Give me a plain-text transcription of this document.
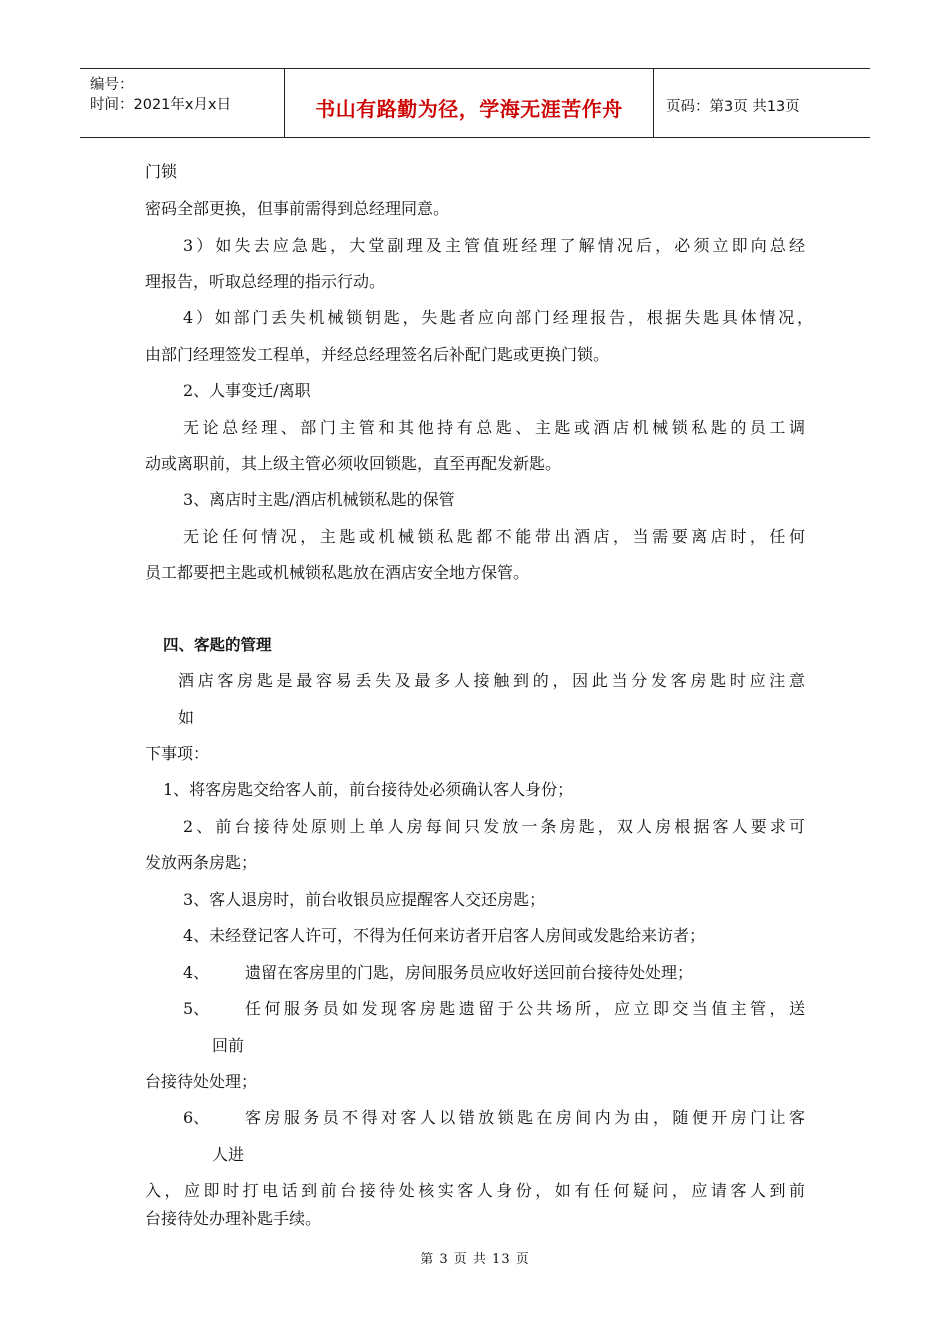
编号：
时间：2021年x月x日	书山有路勤为径，学海无涯苦作舟	页码：第3页 共13页
门锁
密码全部更换，但事前需得到总经理同意。
3）如失去应急匙，大堂副理及主管值班经理了解情况后，必须立即向总经
理报告，听取总经理的指示行动。
4）如部门丢失机械锁钥匙，失匙者应向部门经理报告，根据失匙具体情况，
由部门经理签发工程单，并经总经理签名后补配门匙或更换门锁。
2、人事变迁/离职
无论总经理、部门主管和其他持有总匙、主匙或酒店机械锁私匙的员工调
动或离职前，其上级主管必须收回锁匙，直至再配发新匙。
3、离店时主匙/酒店机械锁私匙的保管
无论任何情况，主匙或机械锁私匙都不能带出酒店，当需要离店时，任何
员工都要把主匙或机械锁私匙放在酒店安全地方保管。
四、客匙的管理
酒店客房匙是最容易丢失及最多人接触到的，因此当分发客房匙时应注意
如
下事项：
1、将客房匙交给客人前，前台接待处必须确认客人身份；
2、前台接待处原则上单人房每间只发放一条房匙，双人房根据客人要求可
发放两条房匙；
3、客人退房时，前台收银员应提醒客人交还房匙；
4、未经登记客人许可，不得为任何来访者开启客人房间或发匙给来访者；
4、 遗留在客房里的门匙，房间服务员应收好送回前台接待处处理；
5、 任何服务员如发现客房匙遗留于公共场所，应立即交当值主管，送
回前
台接待处处理；
6、 客房服务员不得对客人以错放锁匙在房间内为由，随便开房门让客
人进
入，应即时打电话到前台接待处核实客人身份，如有任何疑问，应请客人到前
台接待处办理补匙手续。
第 3 页 共 13 页
